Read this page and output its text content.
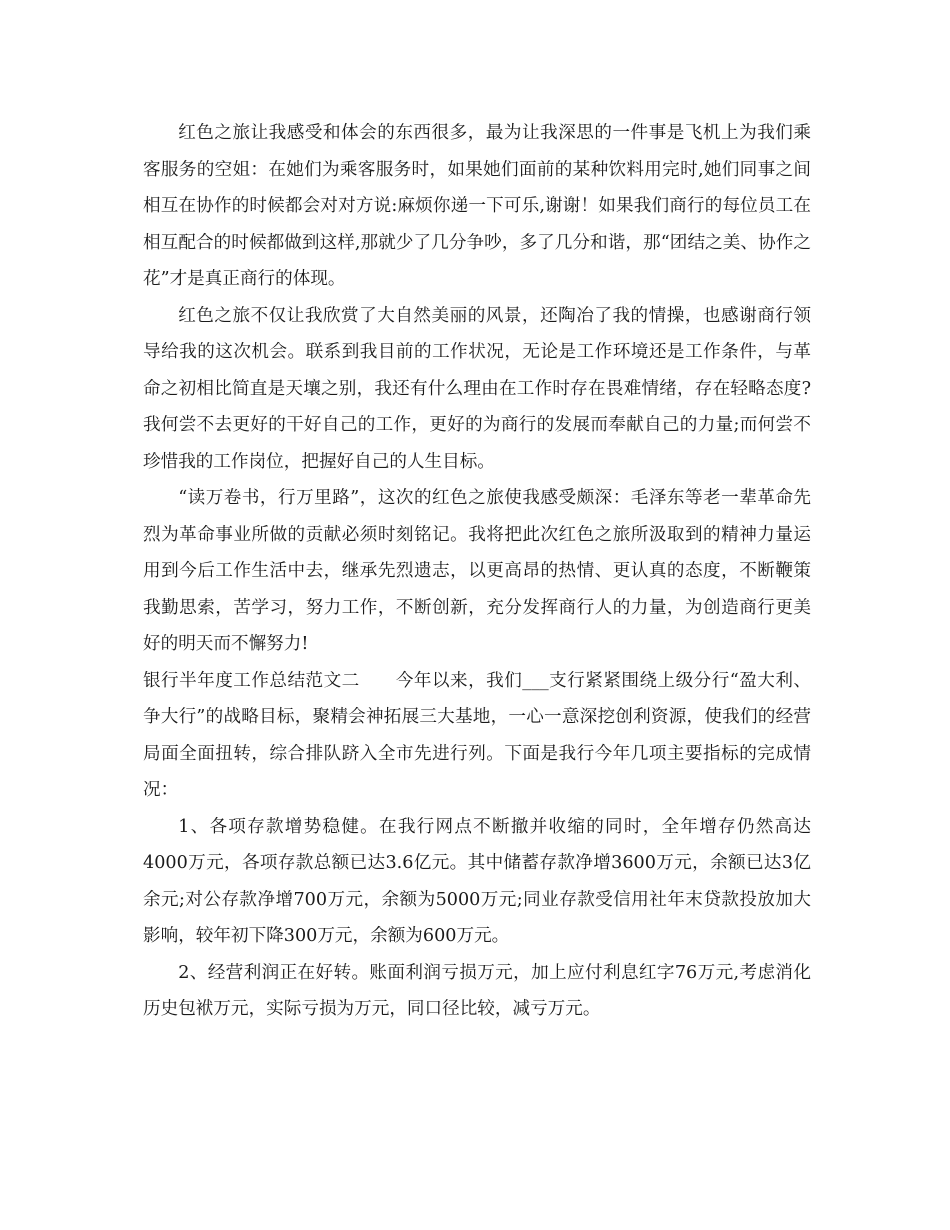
红色之旅让我感受和体会的东西很多，最为让我深思的一件事是飞机上为我们乘客服务的空姐：在她们为乘客服务时，如果她们面前的某种饮料用完时,她们同事之间相互在协作的时候都会对对方说:麻烦你递一下可乐,谢谢！如果我们商行的每位员工在相互配合的时候都做到这样,那就少了几分争吵，多了几分和谐，那“团结之美、协作之花”才是真正商行的体现。

红色之旅不仅让我欣赏了大自然美丽的风景，还陶冶了我的情操，也感谢商行领导给我的这次机会。联系到我目前的工作状况，无论是工作环境还是工作条件，与革命之初相比简直是天壤之别，我还有什么理由在工作时存在畏难情绪，存在轻略态度?我何尝不去更好的干好自己的工作，更好的为商行的发展而奉献自己的力量;而何尝不珍惜我的工作岗位，把握好自己的人生目标。

“读万卷书，行万里路”，这次的红色之旅使我感受颇深：毛泽东等老一辈革命先烈为革命事业所做的贡献必须时刻铭记。我将把此次红色之旅所汲取到的精神力量运用到今后工作生活中去，继承先烈遗志，以更高昂的热情、更认真的态度，不断鞭策我勤思索，苦学习，努力工作，不断创新，充分发挥商行人的力量，为创造商行更美好的明天而不懈努力!

银行半年度工作总结范文二　　今年以来，我们___支行紧紧围绕上级分行“盈大利、争大行”的战略目标，聚精会神拓展三大基地，一心一意深挖创利资源，使我们的经营局面全面扭转，综合排队跻入全市先进行列。下面是我行今年几项主要指标的完成情况：

1、各项存款增势稳健。在我行网点不断撤并收缩的同时，全年增存仍然高达4000万元，各项存款总额已达3.6亿元。其中储蓄存款净增3600万元，余额已达3亿余元;对公存款净增700万元，余额为5000万元;同业存款受信用社年末贷款投放加大影响，较年初下降300万元，余额为600万元。

2、经营利润正在好转。账面利润亏损万元，加上应付利息红字76万元,考虑消化历史包袱万元，实际亏损为万元，同口径比较，减亏万元。
